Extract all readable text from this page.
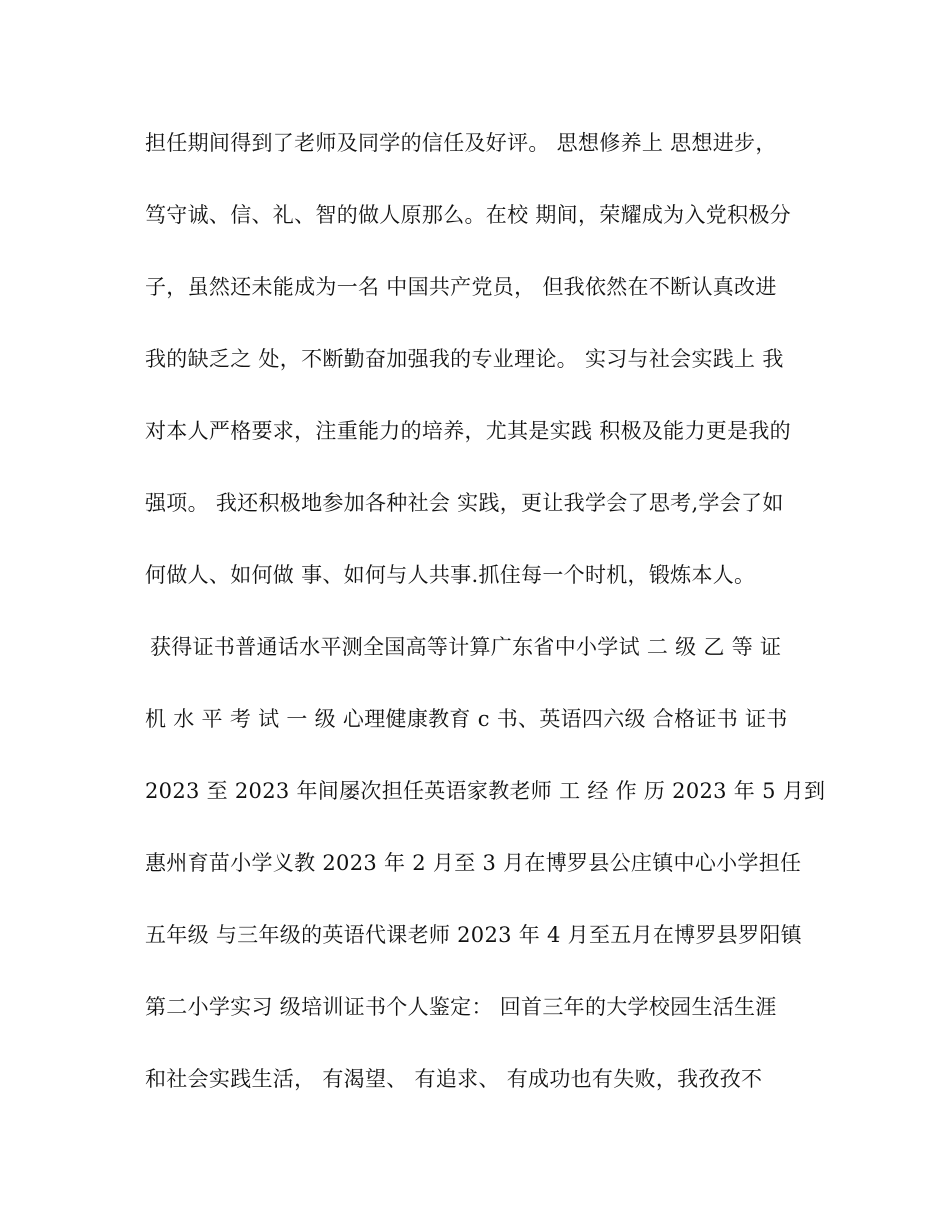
担任期间得到了老师及同学的信任及好评。 思想修养上 思想进步，
笃守诚、信、礼、智的做人原那么。在校 期间，荣耀成为入党积极分
子，虽然还未能成为一名 中国共产党员， 但我依然在不断认真改进
我的缺乏之 处，不断勤奋加强我的专业理论。 实习与社会实践上 我
对本人严格要求，注重能力的培养，尤其是实践 积极及能力更是我的
强项。 我还积极地参加各种社会 实践，更让我学会了思考,学会了如
何做人、如何做 事、如何与人共事.抓住每一个时机，锻炼本人。
获得证书普通话水平测全国高等计算广东省中小学试 二 级 乙 等 证
机 水 平 考 试 一 级 心理健康教育 c 书、英语四六级 合格证书 证书
2023 至 2023 年间屡次担任英语家教老师 工 经 作 历 2023 年 5 月到
惠州育苗小学义教 2023 年 2 月至 3 月在博罗县公庄镇中心小学担任
五年级 与三年级的英语代课老师 2023 年 4 月至五月在博罗县罗阳镇
第二小学实习 级培训证书个人鉴定： 回首三年的大学校园生活生涯
和社会实践生活， 有渴望、 有追求、 有成功也有失败，我孜孜不
